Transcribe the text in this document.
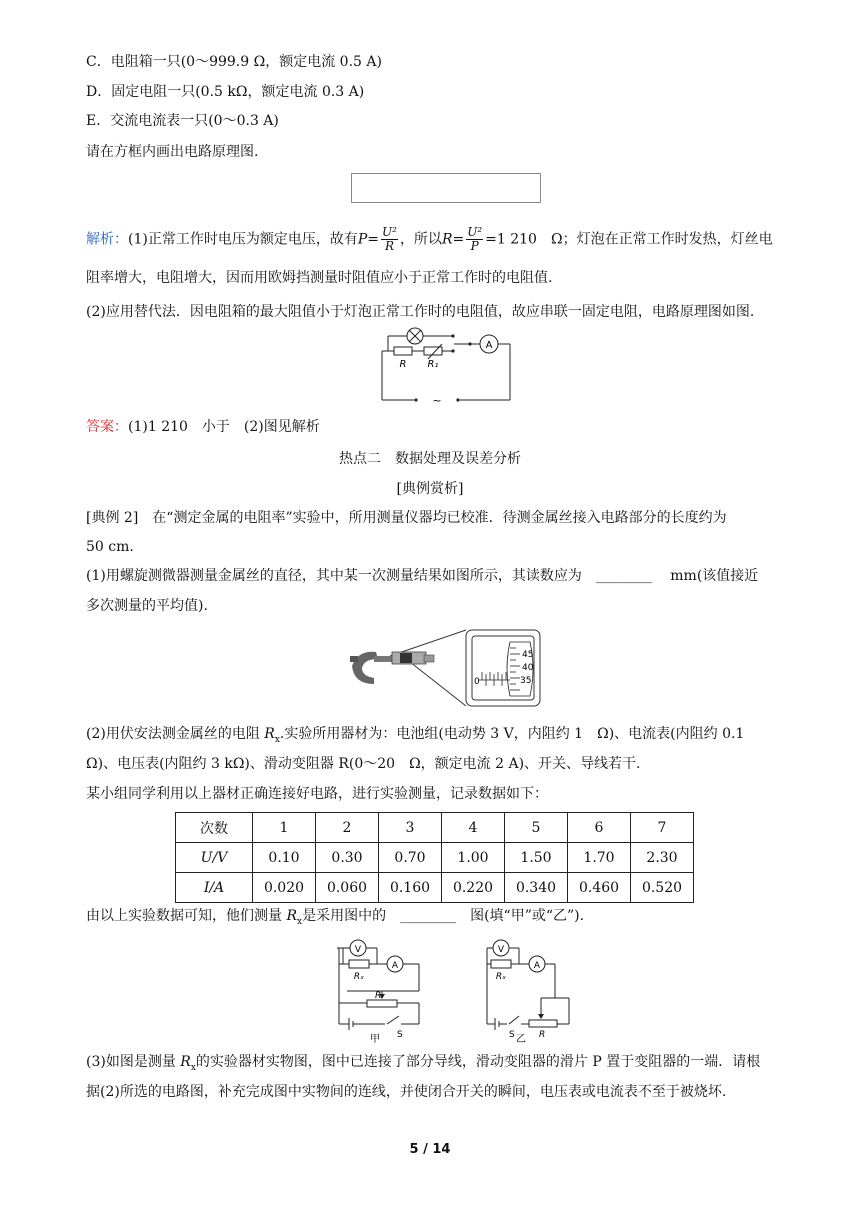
C．电阻箱一只(0～999.9 Ω，额定电流 0.5 A)
D．固定电阻一只(0.5 kΩ，额定电流 0.3 A)
E．交流电流表一只(0～0.3 A)
请在方框内画出电路原理图.
解析：(1)正常工作时电压为额定电压，故有$P= \frac{\text{U²}}{R}$ ，所以$R= \frac{\text{U²}}{P} =1$ 210　Ω；灯泡在正常工作时发热，灯丝电
阻率增大，电阻增大，因而用欧姆挡测量时阻值应小于正常工作时的电阻值.
(2)应用替代法．因电阻箱的最大阻值小于灯泡正常工作时的电阻值，故应串联一固定电阻，电路原理图如图.
A
R R₁
~
答案：(1)1 210　小于　(2)图见解析
热点二　数据处理及误差分析
[典例赏析]
[典例 2]　在“测定金属的电阻率”实验中，所用测量仪器均已校准．待测金属丝接入电路部分的长度约为
50 cm.
(1)用螺旋测微器测量金属丝的直径，其中某一次测量结果如图所示，其读数应为　________　 mm(该值接近
多次测量的平均值).
45
40
35
0
(2)用伏安法测金属丝的电阻 $R_x$.实验所用器材为：电池组(电动势 3 V，内阻约 1　Ω)、电流表(内阻约 0.1
Ω)、电压表(内阻约 3 kΩ)、滑动变阻器 R(0～20　Ω，额定电流 2 A)、开关、导线若干.
某小组同学利用以上器材正确连接好电路，进行实验测量，记录数据如下：
次数	1	2	3	4	5	6	7
U/V	0.10	0.30	0.70	1.00	1.50	1.70	2.30
I/A	0.020	0.060	0.160	0.220	0.340	0.460	0.520
由以上实验数据可知，他们测量 $R_x$是采用图中的　________　图(填“甲”或“乙”).
V
A
Rₓ
R
S
甲
V
A
Rₓ
R
S 乙
(3)如图是测量 $R_x$的实验器材实物图，图中已连接了部分导线，滑动变阻器的滑片 P 置于变阻器的一端．请根
据(2)所选的电路图，补充完成图中实物间的连线，并使闭合开关的瞬间，电压表或电流表不至于被烧坏.
5 / 14
